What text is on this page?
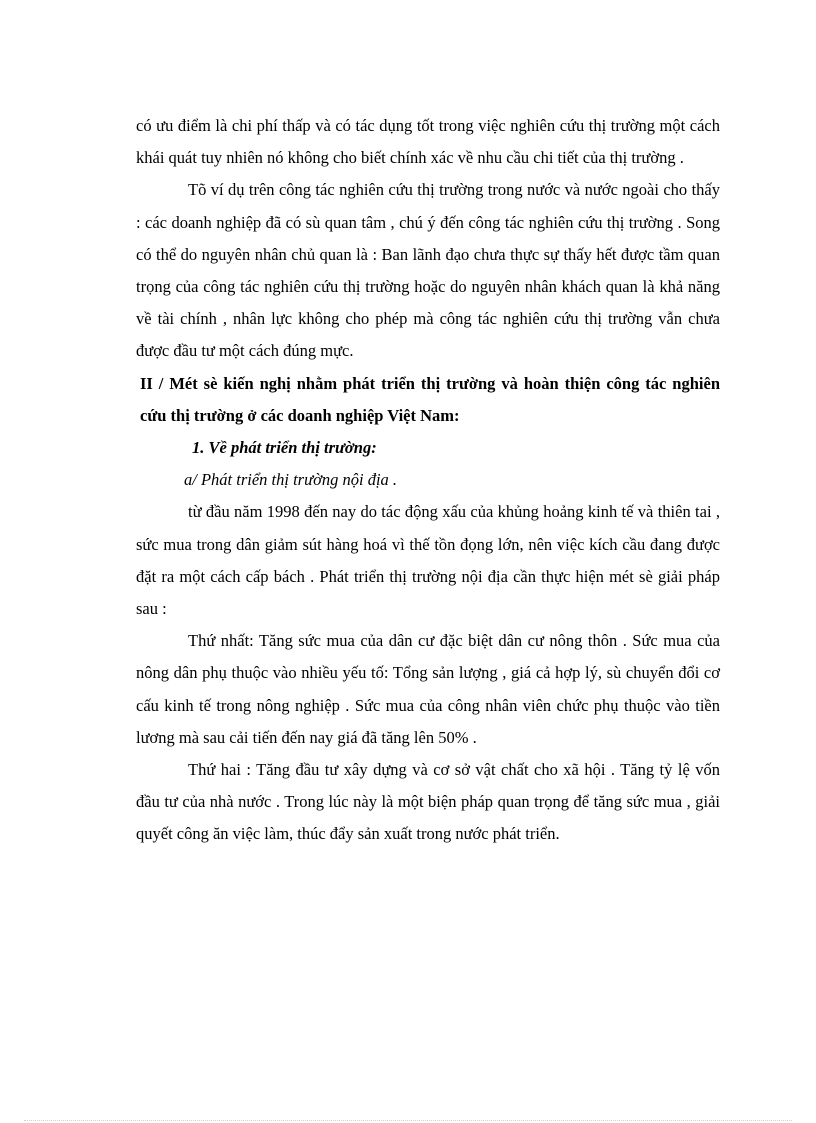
có ưu điểm là chi phí thấp và có tác dụng tốt trong việc nghiên cứu thị trường một cách khái quát tuy nhiên nó không cho biết chính xác về nhu cầu chi tiết của thị trường .

Tõ ví dụ trên công tác nghiên cứu thị trường trong nước và nước ngoài cho thấy : các doanh nghiệp đã có sù quan tâm , chú ý đến công tác nghiên cứu thị trường . Song có thể do nguyên nhân chủ quan là : Ban lãnh đạo chưa thực sự thấy hết được tầm quan trọng của công tác nghiên cứu thị trường hoặc do nguyên nhân khách quan là khả năng về tài chính , nhân lực không cho phép mà công tác nghiên cứu thị trường vẫn chưa được đầu tư một cách đúng mực.

II / Mét sè kiến nghị nhằm phát triển thị trường và hoàn thiện công tác nghiên cứu thị trường ở các doanh nghiệp Việt Nam:

1. Về phát triển thị trường:

a/ Phát triển thị trường nội địa .

từ đầu năm 1998 đến nay do tác động xấu của khủng hoảng kinh tế và thiên tai , sức mua trong dân giảm sút hàng hoá vì thế tồn đọng lớn, nên việc kích cầu đang được đặt ra một cách cấp bách . Phát triển thị trường nội địa cần thực hiện mét sè giải pháp sau :

Thứ nhất: Tăng sức mua của dân cư đặc biệt dân cư nông thôn . Sức mua của nông dân phụ thuộc vào nhiều yếu tố: Tổng sản lượng , giá cả hợp lý, sù chuyển đổi cơ cấu kinh tế trong nông nghiệp . Sức mua của công nhân viên chức phụ thuộc vào tiền lương mà sau cải tiến đến nay giá đã tăng lên 50% .

Thứ hai : Tăng đầu tư xây dựng và cơ sở vật chất cho xã hội . Tăng tỷ lệ vốn đầu tư của nhà nước . Trong lúc này là một biện pháp quan trọng để tăng sức mua , giải quyết công ăn việc làm, thúc đẩy sản xuất trong nước phát triển.
